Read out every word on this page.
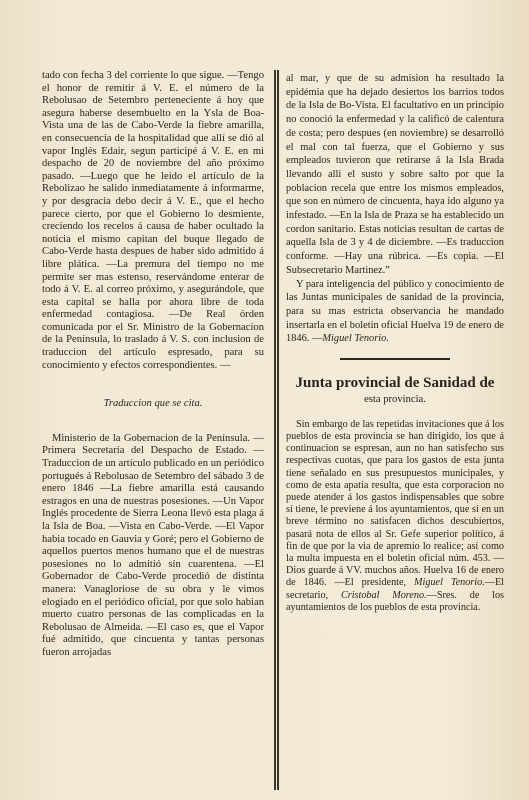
tado con fecha 3 del corriente lo que sigue. —Tengo el honor de remitir á V. E. el número de la Rebolusao de Setembro perteneciente á hoy que asegura haberse desembuelto en la Ysla de Boa-Vista una de las de Cabo-Verde la fiebre amarilla, en consecuencia de la hospitalidad que allí se dió al vapor Inglés Edair, segun participé á V. E. en mi despacho de 20 de noviembre del año próximo pasado. —Luego que he leido el artículo de la Rebolizao he salido inmediatamente á informarme, y por desgracia debo decir á V. E., que el hecho parece cierto, por que el Gobierno lo desmiente, creciendo los recelos á causa de haber ocultado la noticia el mismo capitan del buque llegado de Cabo-Verde hasta despues de haber sido admitido á libre plática. —La premura del tiempo no me permite ser mas estenso, reservándome enterar de todo á V. E. al correo próximo, y asegurándole, que esta capital se halla por ahora libre de toda enfermedad contagiosa. —De Real órden comunicada por el Sr. Ministro de la Gobernacion de la Península, lo traslado á V. S. con inclusion de traduccion del artículo espresado, para su conocimiento y efectos correspondientes. —

Traduccion que se cita.

Ministerio de la Gobernacion de la Península. —Primera Secretaría del Despacho de Estado. —Traduccion de un artículo publicado en un periódico portugués á Rebolusao de Setembro del sábado 3 de enero 1846 —La fiebre amarilla está causando estragos en una de nuestras posesiones. —Un Vapor Inglés procedente de Sierra Leona llevó esta plaga á la Isla de Boa. —Vista en Cabo-Verde. —El Vapor habia tocado en Gauvia y Goré; pero el Gobierno de aquellos puertos menos humano que el de nuestras posesiones no lo admitió sin cuarentena. —El Gobernador de Cabo-Verde procedió de distinta manera: Vanagloriose de su obra y le vimos elogiado en el periódico oficial, por que solo habian muerto cuatro personas de las complicadas en la Rebolusao de Almeida. —El caso es, que el Vapor fué admitido, que cincuenta y tantas personas fueron arrojadas

al mar, y que de su admision ha resultado la epidémia que ha dejado desiertos los barrios todos de la Isla de Bo-Vista. El facultativo en un principio no conoció la enfermedad y la calificó de calentura de costa; pero despues (en noviembre) se desarrolló el mal con tal fuerza, que el Gobierno y sus empleados tuvieron que retirarse á la Isla Brada llevando alli el susto y sobre salto por que la poblacion recela que entre los mismos empleados, que son en número de cincuenta, haya ido alguno ya infestado. —En la Isla de Praza se ha establecido un cordon sanitario. Estas noticias resultan de cartas de aquella Isla de 3 y 4 de diciembre. —Es traduccion conforme. —Hay una rúbrica. —Es copia. —El Subsecretario Martinez.”

Y para inteligencia del público y conocimiento de las Juntas municipales de sanidad de la provincia, para su mas estricta observancia he mandado insertarla en el boletin oficial Huelva 19 de enero de 1846. —Miguel Tenorio.

Junta provincial de Sanidad de
esta provincia.

Sin embargo de las repetidas invitaciones que á los pueblos de esta provincia se han dirigido, los que á continuacion se espresan, aun no han satisfecho sus respectivas cuotas, que para los gastos de esta junta tiene señalado en sus presupuestos municipales, y como de esta apatía resulta, que esta corporacion no puede atender á los gastos indispensables que sobre sí tiene, le previene á los ayuntamientos, que si en un breve término no satisfacen dichos descubiertos, pasará nota de ellos al Sr. Gefe superior político, á fin de que por la via de apremio lo realice; así como la multa impuesta en el boletin oficial núm. 453. —Dios guarde á VV. muchos años. Huelva 16 de enero de 1846. —El presidente, Miguel Tenorio.—El secretario, Cristobal Moreno.—Sres. de los ayuntamientos de los pueblos de esta provincia.
